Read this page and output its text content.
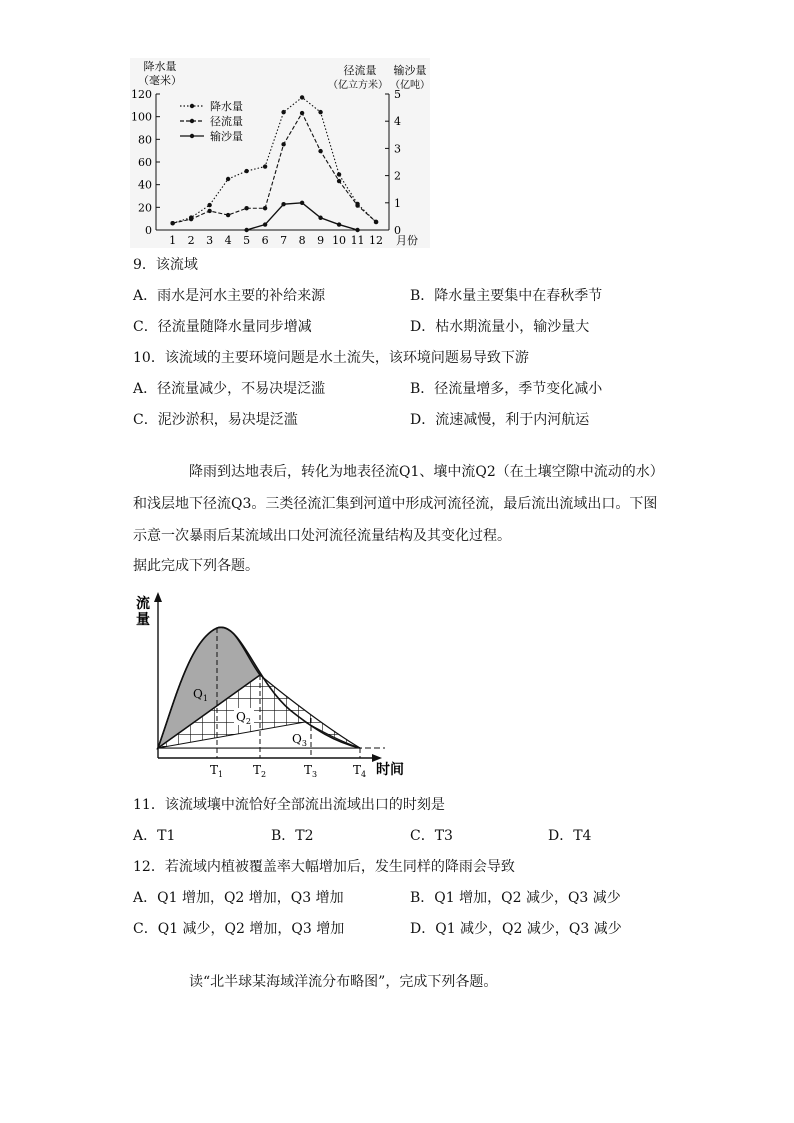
降水量
（毫米）
径流量
（亿立方米）
输沙量
（亿吨）
0
20
40
60
80
100
120
0
1
2
3
4
5
1 2 3 4 5 6 7 8 9 10 11 12 月份
降水量
径流量
输沙量
9．该流域
A．雨水是河水主要的补给来源	B．降水量主要集中在春秋季节
C．径流量随降水量同步增减	D．枯水期流量小，输沙量大
10．该流域的主要环境问题是水土流失，该环境问题易导致下游
A．径流量减少，不易决堤泛滥	B．径流量增多，季节变化减小
C．泥沙淤积，易决堤泛滥	D．流速减慢，利于内河航运
降雨到达地表后，转化为地表径流Q1、壤中流Q2（在土壤空隙中流动的水）和浅层地下径流Q3。三类径流汇集到河道中形成河流径流，最后流出流域出口。下图示意一次暴雨后某流域出口处河流径流量结构及其变化过程。
据此完成下列各题。
流
量
$Q_1$
$Q_2$
$Q_3$
$T_1$ $T_2$	$T_3$	$T_4$ 时间
11．该流域壤中流恰好全部流出流域出口的时刻是
A．T1	B．T2	C．T3	D．T4
12．若流域内植被覆盖率大幅增加后，发生同样的降雨会导致
A．Q1 增加，Q2 增加，Q3 增加	B．Q1 增加，Q2 减少，Q3 减少
C．Q1 减少，Q2 增加，Q3 增加	D．Q1 减少，Q2 减少，Q3 减少
读“北半球某海域洋流分布略图”，完成下列各题。
